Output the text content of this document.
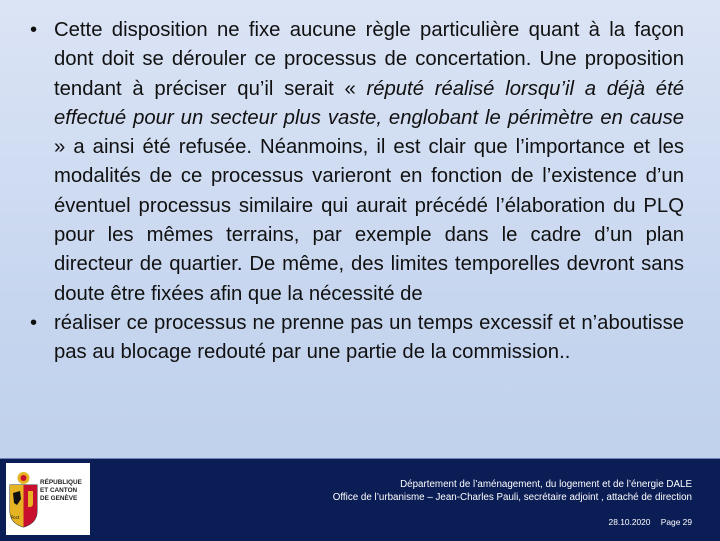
• Cette disposition ne fixe aucune règle particulière quant à la façon dont doit se dérouler ce processus de concertation. Une proposition tendant à préciser qu’il serait « réputé réalisé lorsqu’il a déjà été effectué pour un secteur plus vaste, englobant le périmètre en cause » a ainsi été refusée. Néanmoins, il est clair que l’importance et les modalités de ce processus varieront en fonction de l’existence d’un éventuel processus similaire qui aurait précédé l’élaboration du PLQ pour les mêmes terrains, par exemple dans le cadre d’un plan directeur de quartier. De même, des limites temporelles devront sans doute être fixées afin que la nécessité de
• réaliser ce processus ne prenne pas un temps excessif et n’aboutisse pas au blocage redouté par une partie de la commission..
Post
RÉPUBLIQUE
ET CANTON
DE GENÈVE
Département de l’aménagement, du logement et de l’énergie DALE
Office de l’urbanisme – Jean-Charles Pauli, secrétaire adjoint , attaché de direction
28.10.2020 Page 29
